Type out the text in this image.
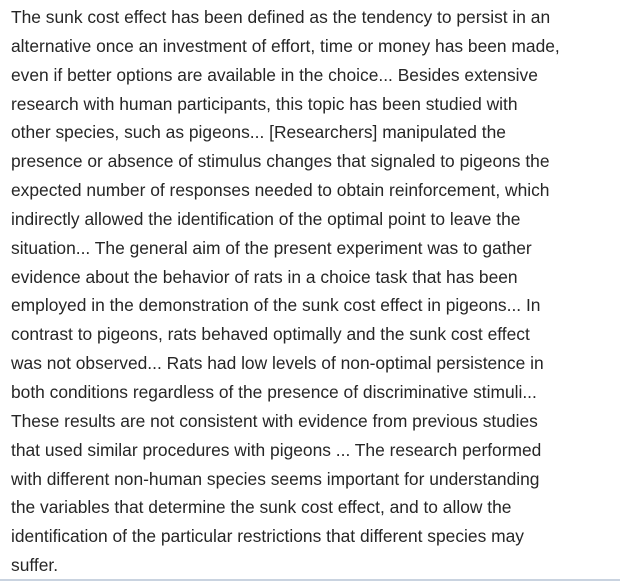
The sunk cost effect has been defined as the tendency to persist in an
alternative once an investment of effort, time or money has been made,
even if better options are available in the choice... Besides extensive
research with human participants, this topic has been studied with
other species, such as pigeons... [Researchers] manipulated the
presence or absence of stimulus changes that signaled to pigeons the
expected number of responses needed to obtain reinforcement, which
indirectly allowed the identification of the optimal point to leave the
situation... The general aim of the present experiment was to gather
evidence about the behavior of rats in a choice task that has been
employed in the demonstration of the sunk cost effect in pigeons... In
contrast to pigeons, rats behaved optimally and the sunk cost effect
was not observed... Rats had low levels of non-optimal persistence in
both conditions regardless of the presence of discriminative stimuli...
These results are not consistent with evidence from previous studies
that used similar procedures with pigeons ... The research performed
with different non-human species seems important for understanding
the variables that determine the sunk cost effect, and to allow the
identification of the particular restrictions that different species may
suffer.
